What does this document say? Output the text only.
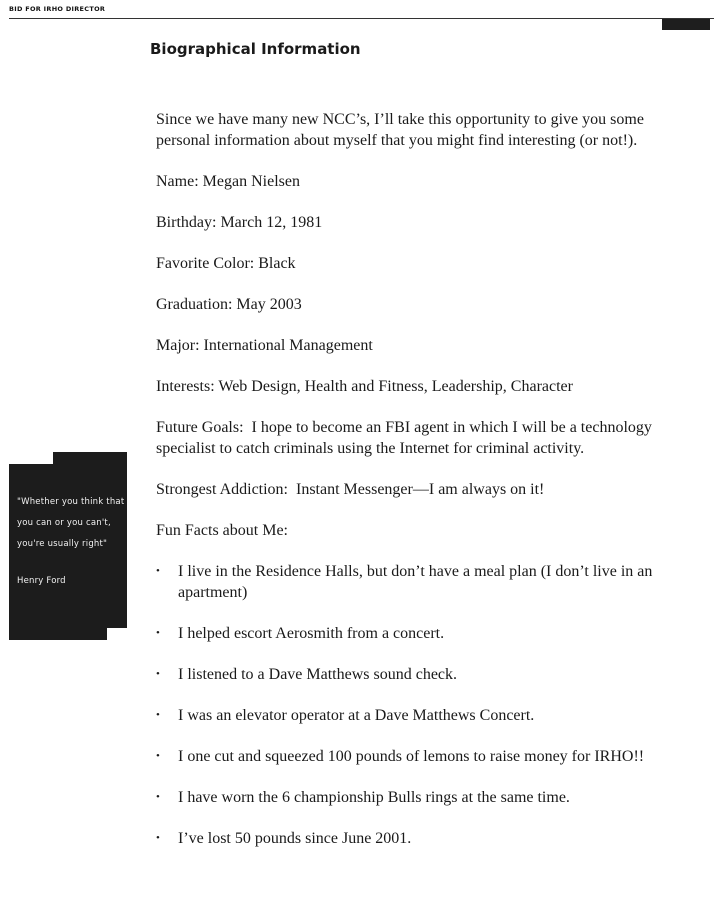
BID FOR IRHO DIRECTOR
Biographical Information

Since we have many new NCC’s, I’ll take this opportunity to give you some personal information about myself that you might find interesting (or not!).

Name: Megan Nielsen

Birthday: March 12, 1981

Favorite Color: Black

Graduation: May 2003

Major: International Management

Interests: Web Design, Health and Fitness, Leadership, Character

Future Goals: I hope to become an FBI agent in which I will be a technology specialist to catch criminals using the Internet for criminal activity.

Strongest Addiction: Instant Messenger—I am always on it!

Fun Facts about Me:

• I live in the Residence Halls, but don’t have a meal plan (I don’t live in an apartment)
• I helped escort Aerosmith from a concert.
• I listened to a Dave Matthews sound check.
• I was an elevator operator at a Dave Matthews Concert.
• I one cut and squeezed 100 pounds of lemons to raise money for IRHO!!
• I have worn the 6 championship Bulls rings at the same time.
• I’ve lost 50 pounds since June 2001.
"Whether you think that you can or you can't, you're usually right"
Henry Ford
